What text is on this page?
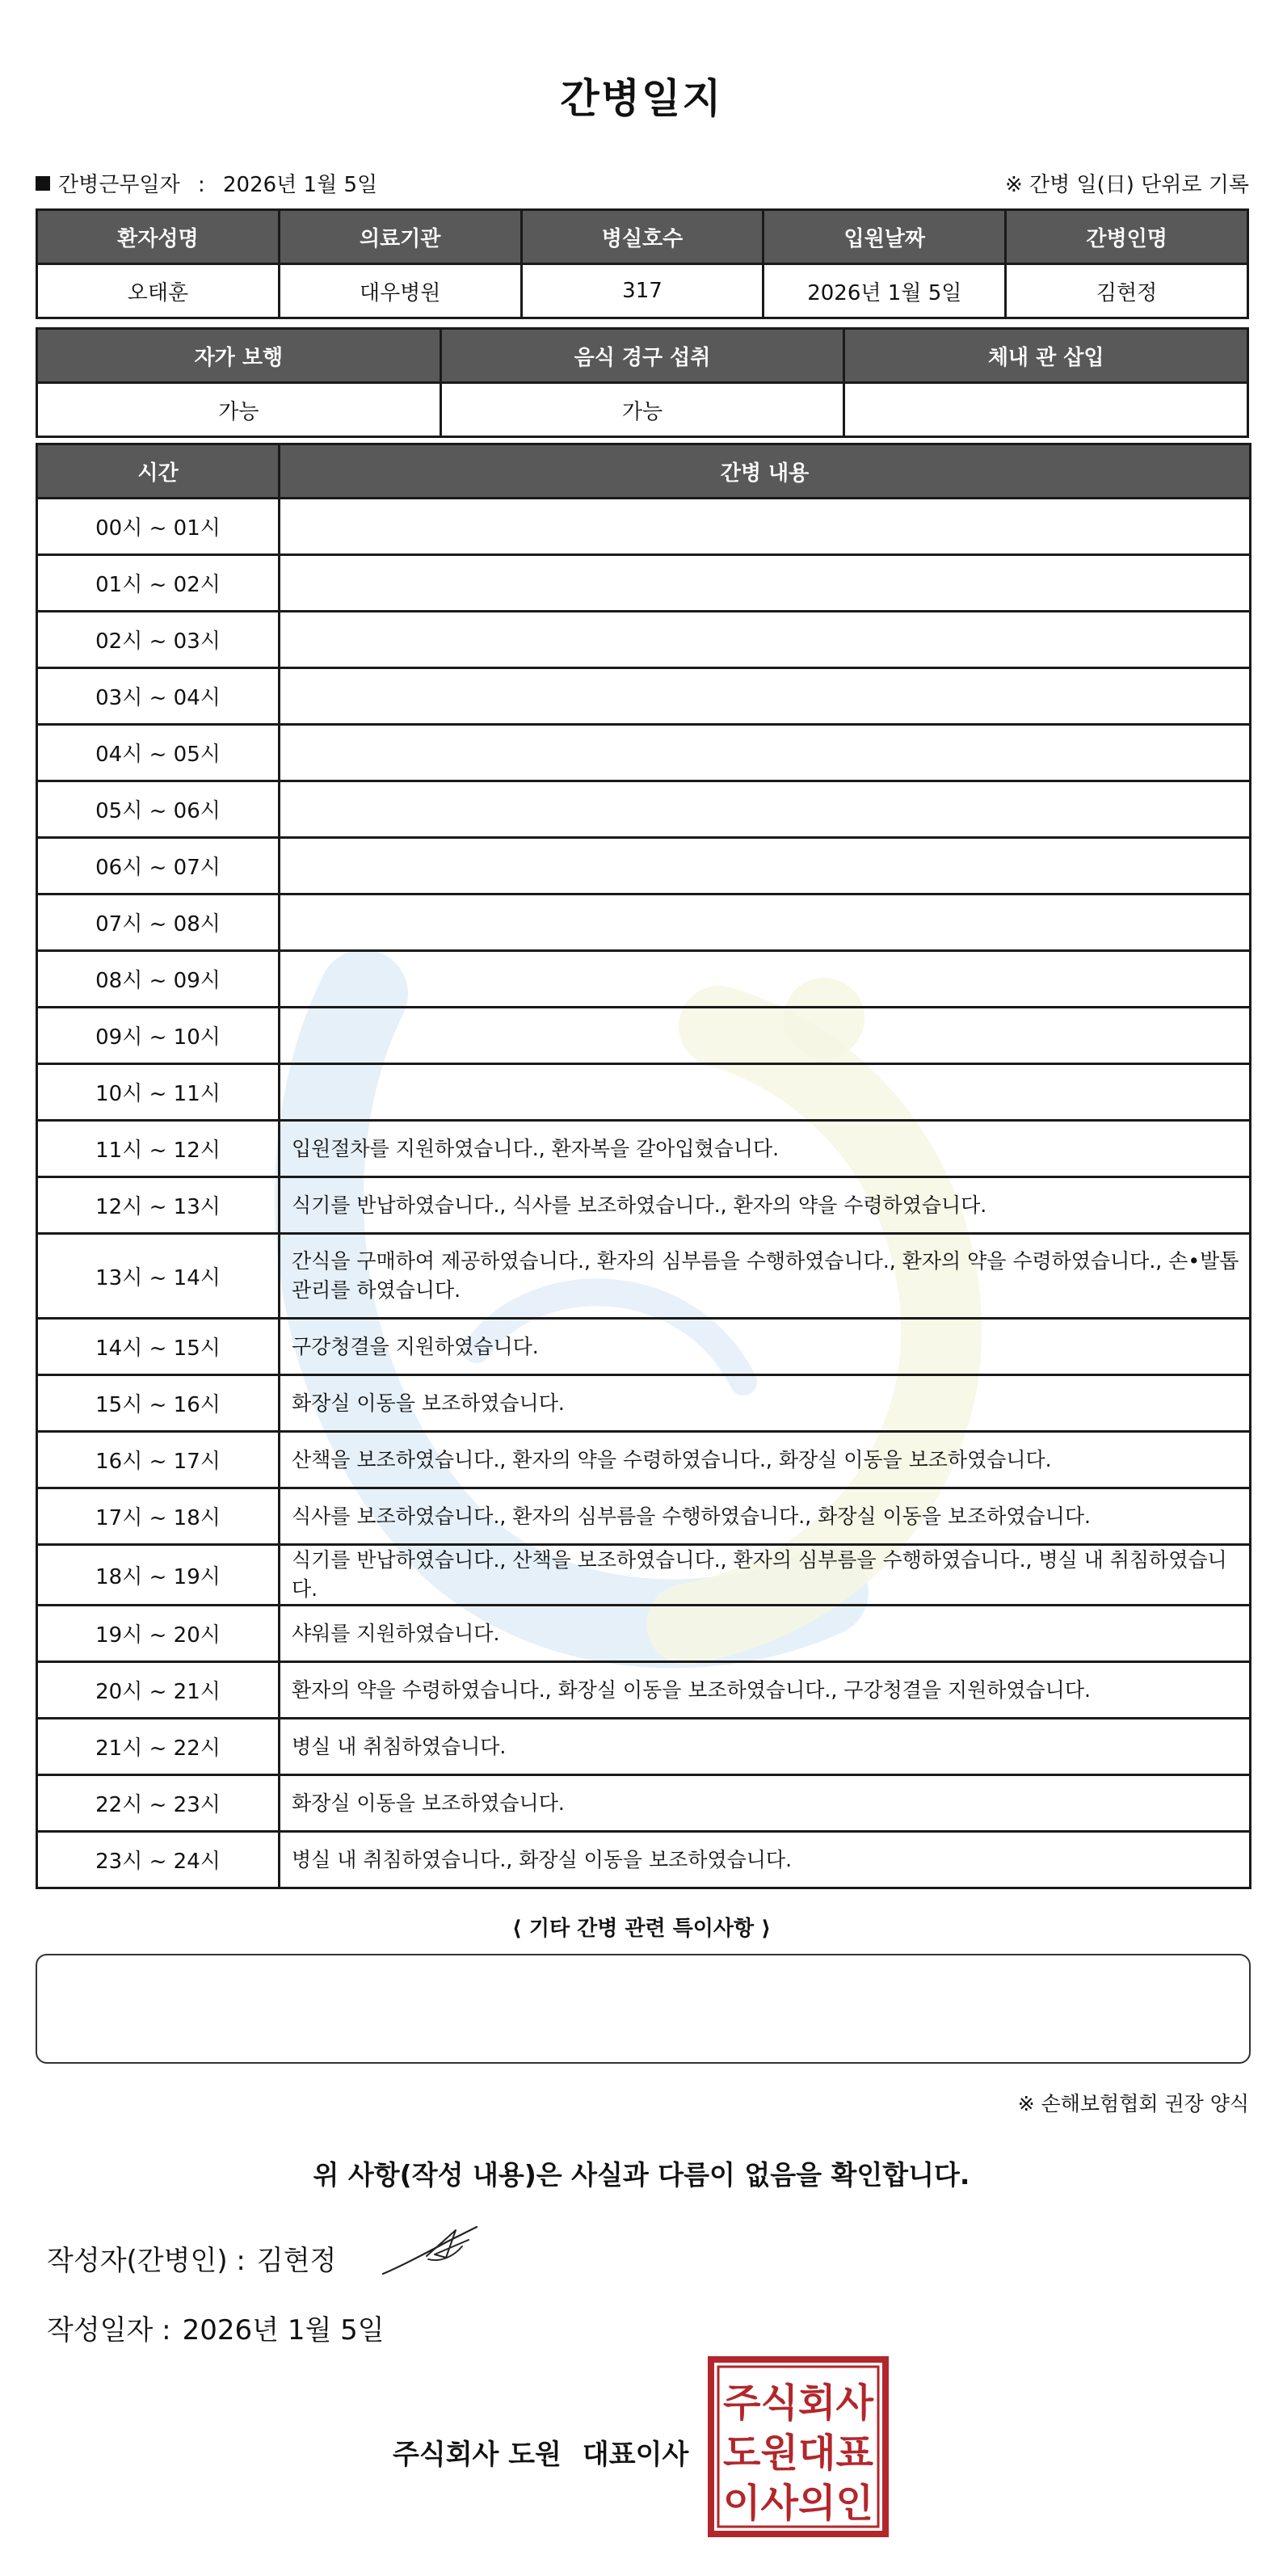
간병일지
간병근무일자 : 2026년 1월 5일	※ 간병 일(日) 단위로 기록
환자성명	의료기관	병실호수	입원날짜	간병인명
오태훈	대우병원	317	2026년 1월 5일	김현정
자가 보행	음식 경구 섭취	체내 관 삽입
가능	가능	
시간	간병 내용
00시 ~ 01시	
01시 ~ 02시	
02시 ~ 03시	
03시 ~ 04시	
04시 ~ 05시	
05시 ~ 06시	
06시 ~ 07시	
07시 ~ 08시	
08시 ~ 09시	
09시 ~ 10시	
10시 ~ 11시	
11시 ~ 12시	입원절차를 지원하였습니다., 환자복을 갈아입혔습니다.
12시 ~ 13시	식기를 반납하였습니다., 식사를 보조하였습니다., 환자의 약을 수령하였습니다.
13시 ~ 14시	간식을 구매하여 제공하였습니다., 환자의 심부름을 수행하였습니다., 환자의 약을 수령하였습니다., 손•발톱 관리를 하였습니다.
14시 ~ 15시	구강청결을 지원하였습니다.
15시 ~ 16시	화장실 이동을 보조하였습니다.
16시 ~ 17시	산책을 보조하였습니다., 환자의 약을 수령하였습니다., 화장실 이동을 보조하였습니다.
17시 ~ 18시	식사를 보조하였습니다., 환자의 심부름을 수행하였습니다., 화장실 이동을 보조하였습니다.
18시 ~ 19시	식기를 반납하였습니다., 산책을 보조하였습니다., 환자의 심부름을 수행하였습니다., 병실 내 취침하였습니다.
19시 ~ 20시	샤워를 지원하였습니다.
20시 ~ 21시	환자의 약을 수령하였습니다., 화장실 이동을 보조하였습니다., 구강청결을 지원하였습니다.
21시 ~ 22시	병실 내 취침하였습니다.
22시 ~ 23시	화장실 이동을 보조하였습니다.
23시 ~ 24시	병실 내 취침하였습니다., 화장실 이동을 보조하였습니다.
⟨ 기타 간병 관련 특이사항 ⟩
※ 손해보험협회 권장 양식
위 사항(작성 내용)은 사실과 다름이 없음을 확인합니다.
작성자(간병인) : 김현정
작성일자 : 2026년 1월 5일
주식회사 도원 대표이사
주식회사
도원대표
이사의인
